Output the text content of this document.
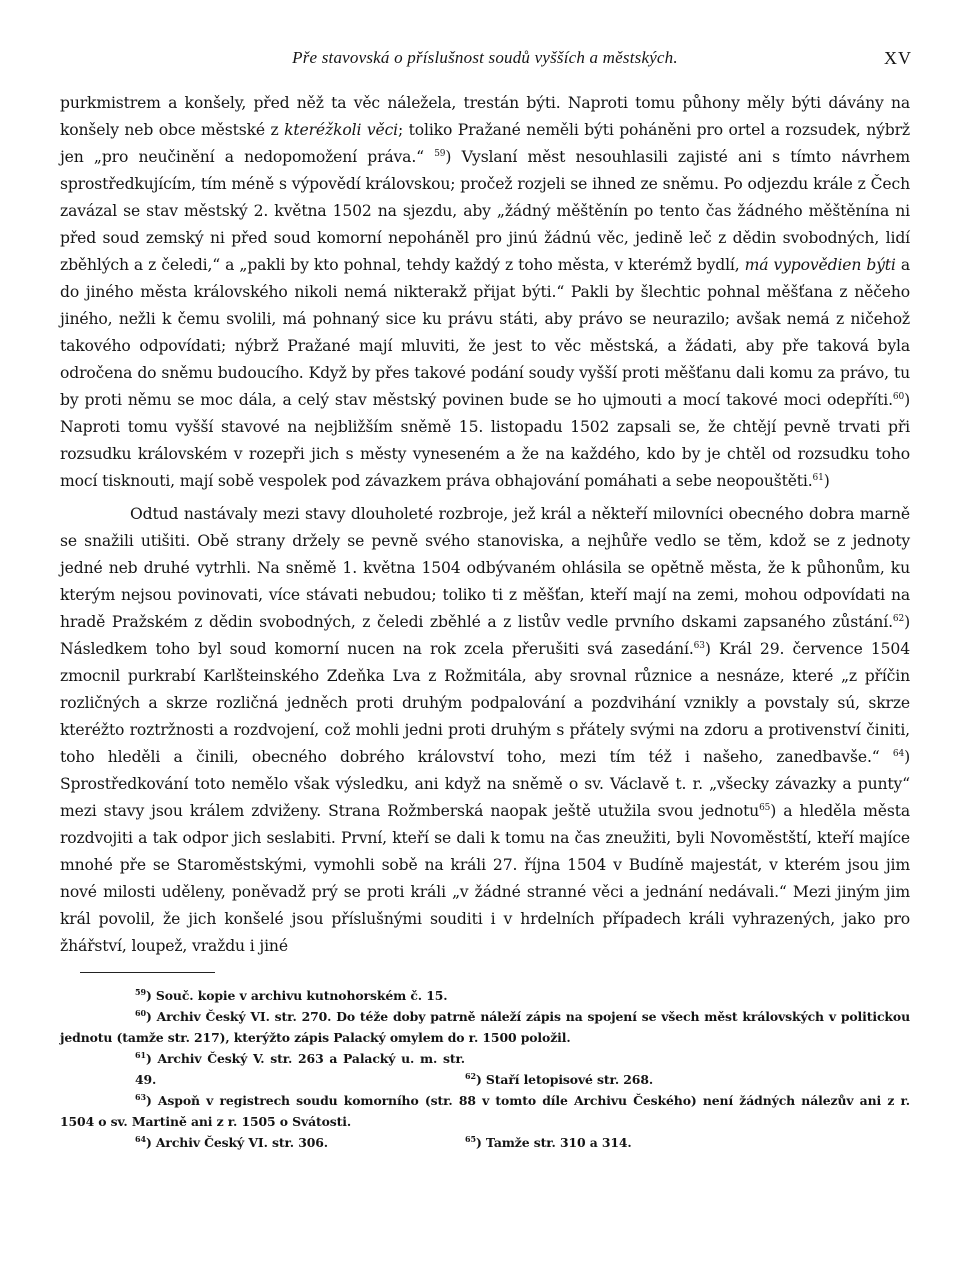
Pře stavovská o příslušnost soudů vyšších a městských.	XV

purkmistrem a konšely, před něž ta věc náležela, trestán býti. Naproti tomu půhony měly býti dávány na konšely neb obce městské z kteréžkoli věci; toliko Pražané neměli býti poháněni pro ortel a rozsudek, nýbrž jen „pro neučinění a nedopomožení práva.“ $^{59}$) Vyslaní měst nesouhlasili zajisté ani s tímto návrhem sprostředkujícím, tím méně s výpovědí královskou; pročež rozjeli se ihned ze sněmu. Po odjezdu krále z Čech zavázal se stav městský 2. května 1502 na sjezdu, aby „žádný měštěnín po tento čas žádného měštěnína ni před soud zemský ni před soud komorní nepoháněl pro jinú žádnú věc, jedině leč z dědin svobodných, lidí zběhlých a z čeledi,“ a „pakli by kto pohnal, tehdy každý z toho města, v kterémž bydlí, má vypovědien býti a do jiného města královského nikoli nemá nikterakž přijat býti.“ Pakli by šlechtic pohnal měšťana z něčeho jiného, nežli k čemu svolili, má pohnaný sice ku právu státi, aby právo se neurazilo; avšak nemá z ničehož takového odpovídati; nýbrž Pražané mají mluviti, že jest to věc městská, a žádati, aby pře taková byla odročena do sněmu budoucího. Když by přes takové podání soudy vyšší proti měšťanu dali komu za právo, tu by proti němu se moc dála, a celý stav městský povinen bude se ho ujmouti a mocí takové moci odepříti.$^{60}$) Naproti tomu vyšší stavové na nejbližším sněmě 15. listopadu 1502 zapsali se, že chtějí pevně trvati při rozsudku královském v rozepři jich s městy vyneseném a že na každého, kdo by je chtěl od rozsudku toho mocí tisknouti, mají sobě vespolek pod závazkem práva obhajování pomáhati a sebe neopouštěti.$^{61}$)

Odtud nastávaly mezi stavy dlouholeté rozbroje, jež král a někteří milovníci obecného dobra marně se snažili utišiti. Obě strany držely se pevně svého stanoviska, a nejhůře vedlo se těm, kdož se z jednoty jedné neb druhé vytrhli. Na sněmě 1. května 1504 odbývaném ohlásila se opětně města, že k půhonům, ku kterým nejsou povinovati, více stávati nebudou; toliko ti z měšťan, kteří mají na zemi, mohou odpovídati na hradě Pražském z dědin svobodných, z čeledi zběhlé a z listův vedle prvního dskami zapsaného zůstání.$^{62}$) Následkem toho byl soud komorní nucen na rok zcela přerušiti svá zasedání.$^{63}$) Král 29. července 1504 zmocnil purkrabí Karlšteinského Zdeňka Lva z Rožmitála, aby srovnal různice a nesnáze, které „z příčin rozličných a skrze rozličná jedněch proti druhým podpalování a pozdvihání vznikly a povstaly sú, skrze kteréžto roztržnosti a rozdvojení, což mohli jedni proti druhým s přátely svými na zdoru a protivenství činiti, toho hleděli a činili, obecného dobrého království toho, mezi tím též i našeho, zanedbavše.“ $^{64}$) Sprostředkování toto nemělo však výsledku, ani když na sněmě o sv. Václavě t. r. „všecky závazky a punty“ mezi stavy jsou králem zdviženy. Strana Rožmberská naopak ještě utužila svou jednotu$^{65}$) a hleděla města rozdvojiti a tak odpor jich seslabiti. První, kteří se dali k tomu na čas zneužiti, byli Novoměstští, kteří majíce mnohé pře se Staroměstskými, vymohli sobě na králi 27. října 1504 v Budíně majestát, v kterém jsou jim nové milosti uděleny, poněvadž prý se proti králi „v žádné stranné věci a jednání nedávali.“ Mezi jiným jim král povolil, že jich konšelé jsou příslušnými souditi i v hrdelních případech králi vyhrazených, jako pro žhářství, loupež, vraždu i jiné

$^{59}$) Souč. kopie v archivu kutnohorském č. 15.
$^{60}$) Archiv Český VI. str. 270. Do téže doby patrně náleží zápis na spojení se všech měst královských v politickou jednotu (tamže str. 217), kterýžto zápis Palacký omylem do r. 1500 položil.
$^{61}$) Archiv Český V. str. 263 a Palacký u. m. str. 49.	$^{62}$) Staří letopisové str. 268.
$^{63}$) Aspoň v registrech soudu komorního (str. 88 v tomto díle Archivu Českého) není žádných nálezův ani z r. 1504 o sv. Martině ani z r. 1505 o Svátosti.
$^{64}$) Archiv Český VI. str. 306.	$^{65}$) Tamže str. 310 a 314.
